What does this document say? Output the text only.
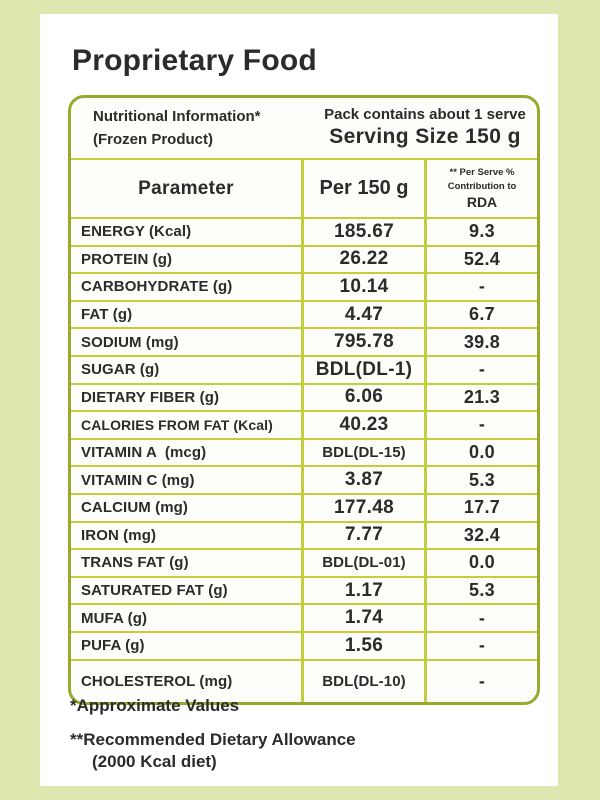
Proprietary Food
Nutritional Information*
(Frozen Product)
Pack contains about 1 serve
Serving Size 150 g
Parameter	Per 150 g
** Per Serve %
Contribution to
RDA
ENERGY (Kcal)	185.67	9.3
PROTEIN (g)	26.22	52.4
CARBOHYDRATE (g)	10.14	-
FAT (g)	4.47	6.7
SODIUM (mg)	795.78	39.8
SUGAR (g)	BDL(DL-1)	-
DIETARY FIBER (g)	6.06	21.3
CALORIES FROM FAT (Kcal)	40.23	-
VITAMIN A  (mcg)	BDL(DL-15)	0.0
VITAMIN C (mg)	3.87	5.3
CALCIUM (mg)	177.48	17.7
IRON (mg)	7.77	32.4
TRANS FAT (g)	BDL(DL-01)	0.0
SATURATED FAT (g)	1.17	5.3
MUFA (g)	1.74	-
PUFA (g)	1.56	-
CHOLESTEROL (mg)	BDL(DL-10)	-
*Approximate Values
**Recommended Dietary Allowance
(2000 Kcal diet)
